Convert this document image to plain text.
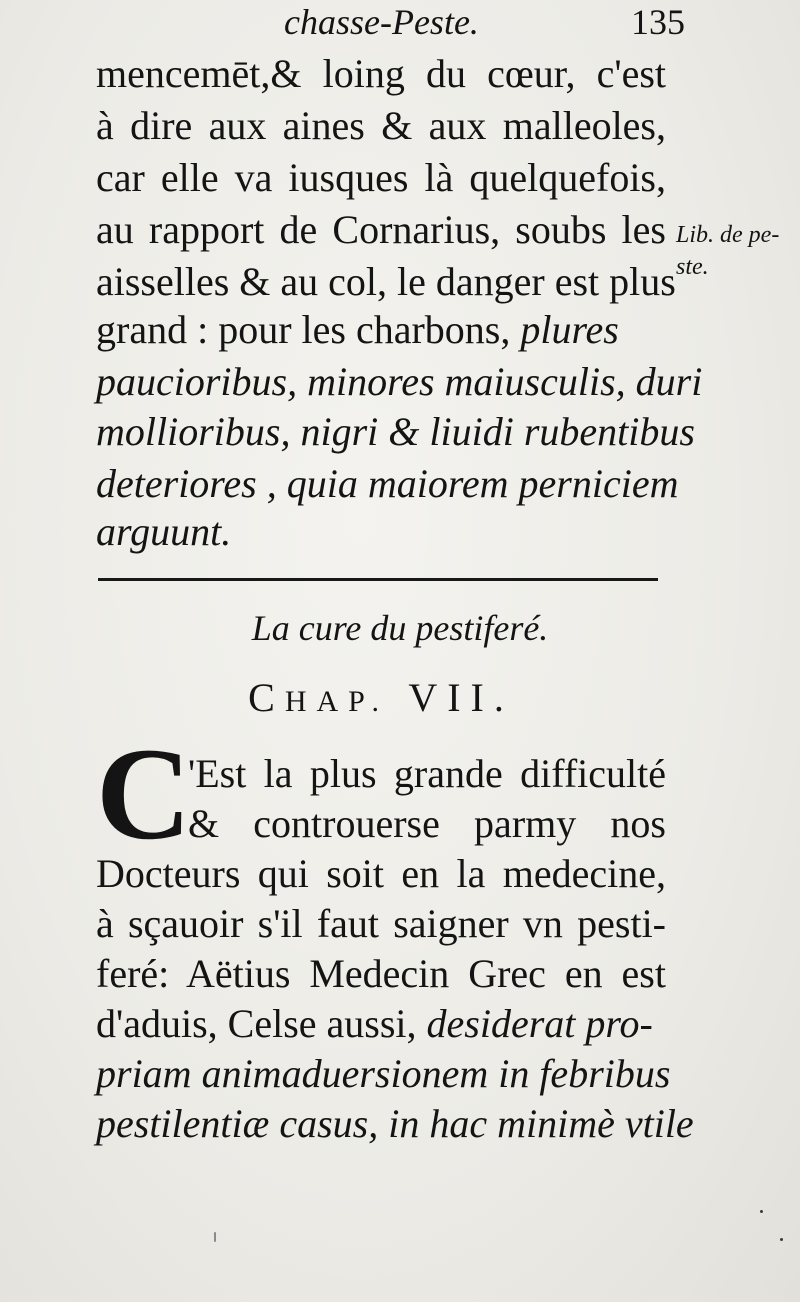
chasse-Peste.	135
Lib. de pe-
ste.
mencemēt,& loing du cœur, c'est
à dire aux aines & aux malleoles,
car elle va iusques là quelquefois,
au rapport de Cornarius, soubs les
aisselles & au col, le danger est plus
grand : pour les charbons, plures
paucioribus, minores maiusculis, duri
mollioribus, nigri & liuidi rubentibus
deteriores , quia maiorem perniciem
arguunt.
La cure du pestiferé.
CHAP. VII.
C
'Est la plus grande difficulté
& controuerse parmy nos
Docteurs qui soit en la medecine,
à sçauoir s'il faut saigner vn pesti-
feré: Aëtius Medecin Grec en est
d'aduis, Celse aussi, desiderat pro-
priam animaduersionem in febribus
pestilentiæ casus, in hac minimè vtile
